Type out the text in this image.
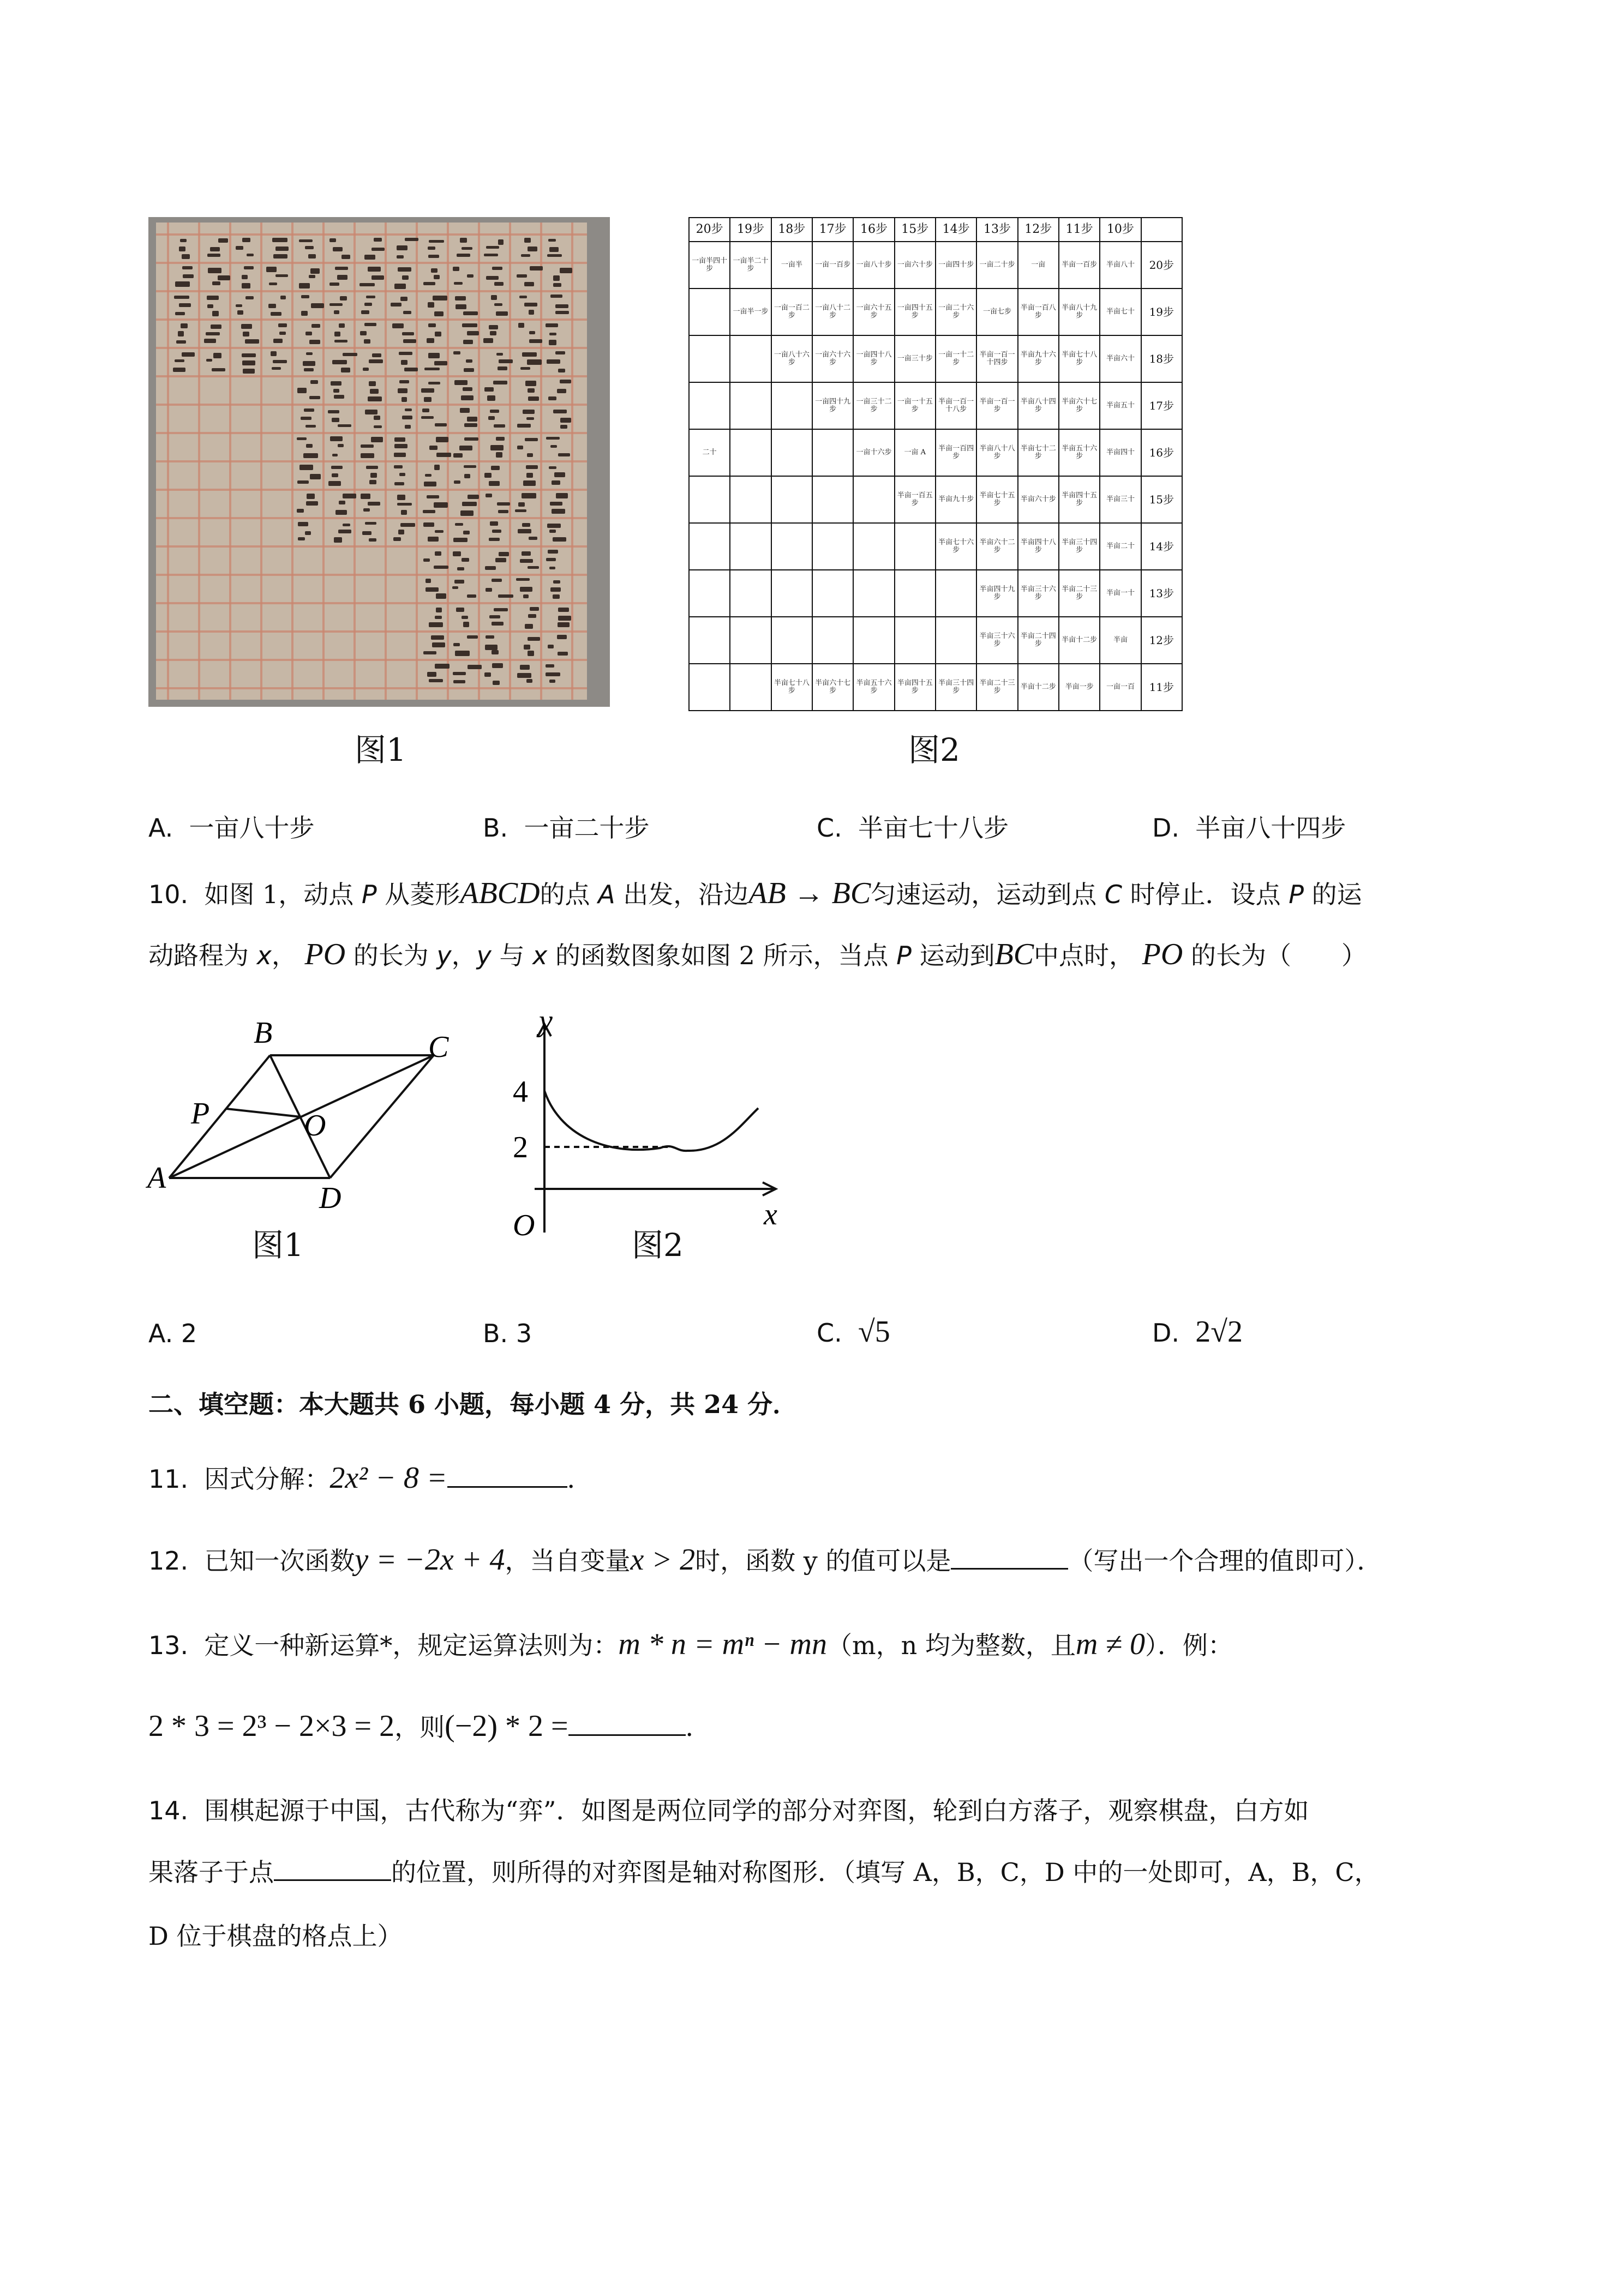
图1
20步	19步	18步	17步	16步	15步	14步	13步	12步	11步	10步	
一亩半四十步	一亩半二十步	一亩半	一亩一百步	一亩八十步	一亩六十步	一亩四十步	一亩二十步	一亩	半亩一百步	半亩八十	20步
	一亩半一步	一亩一百二步	一亩八十二步	一亩六十五步	一亩四十五步	一亩二十六步	一亩七步	半亩一百八步	半亩八十九步	半亩七十	19步
		一亩八十六步	一亩六十六步	一亩四十八步	一亩三十步	一亩一十二步	半亩一百一十四步	半亩九十六步	半亩七十八步	半亩六十	18步
			一亩四十九步	一亩三十二步	一亩一十五步	半亩一百一十八步	半亩一百一步	半亩八十四步	半亩六十七步	半亩五十	17步
二十				一亩十六步	一亩 A	半亩一百四步	半亩八十八步	半亩七十二步	半亩五十六步	半亩四十	16步
					半亩一百五步	半亩九十步	半亩七十五步	半亩六十步	半亩四十五步	半亩三十	15步
						半亩七十六步	半亩六十二步	半亩四十八步	半亩三十四步	半亩二十	14步
							半亩四十九步	半亩三十六步	半亩二十三步	半亩一十	13步
							半亩三十六步	半亩二十四步	半亩十二步	半亩	12步
		半亩七十八步	半亩六十七步	半亩五十六步	半亩四十五步	半亩三十四步	半亩二十三步	半亩十二步	半亩一步	一亩一百	11步
图2
A. 一亩八十步	B. 一亩二十步	C. 半亩七十八步	D. 半亩八十四步
10. 如图 1，动点 P 从菱形ABCD的点 A 出发，沿边AB → BC匀速运动，运动到点 C 时停止．设点 P 的运
动路程为 x， PO 的长为 y，y 与 x 的函数图象如图 2 所示，当点 P 运动到BC中点时， PO 的长为（　　）
B	C
P	O
A
D
y
x
O
4
2
图1	图2
A. 2	B. 3	C. √5	D. 2√2
二、填空题：本大题共 6 小题，每小题 4 分，共 24 分．
11. 因式分解：2x² − 8 =	．
12. 已知一次函数y = −2x + 4，当自变量x > 2时，函数 y 的值可以是	（写出一个合理的值即可）．
13. 定义一种新运算*，规定运算法则为：m * n = mⁿ − mn（m，n 均为整数，且m ≠ 0）．例：
2 * 3 = 2³ − 2×3 = 2，则(−2) * 2 =	．
14. 围棋起源于中国，古代称为“弈”．如图是两位同学的部分对弈图，轮到白方落子，观察棋盘，白方如
果落子于点	的位置，则所得的对弈图是轴对称图形．（填写 A，B，C，D 中的一处即可，A，B，C，
D 位于棋盘的格点上）
